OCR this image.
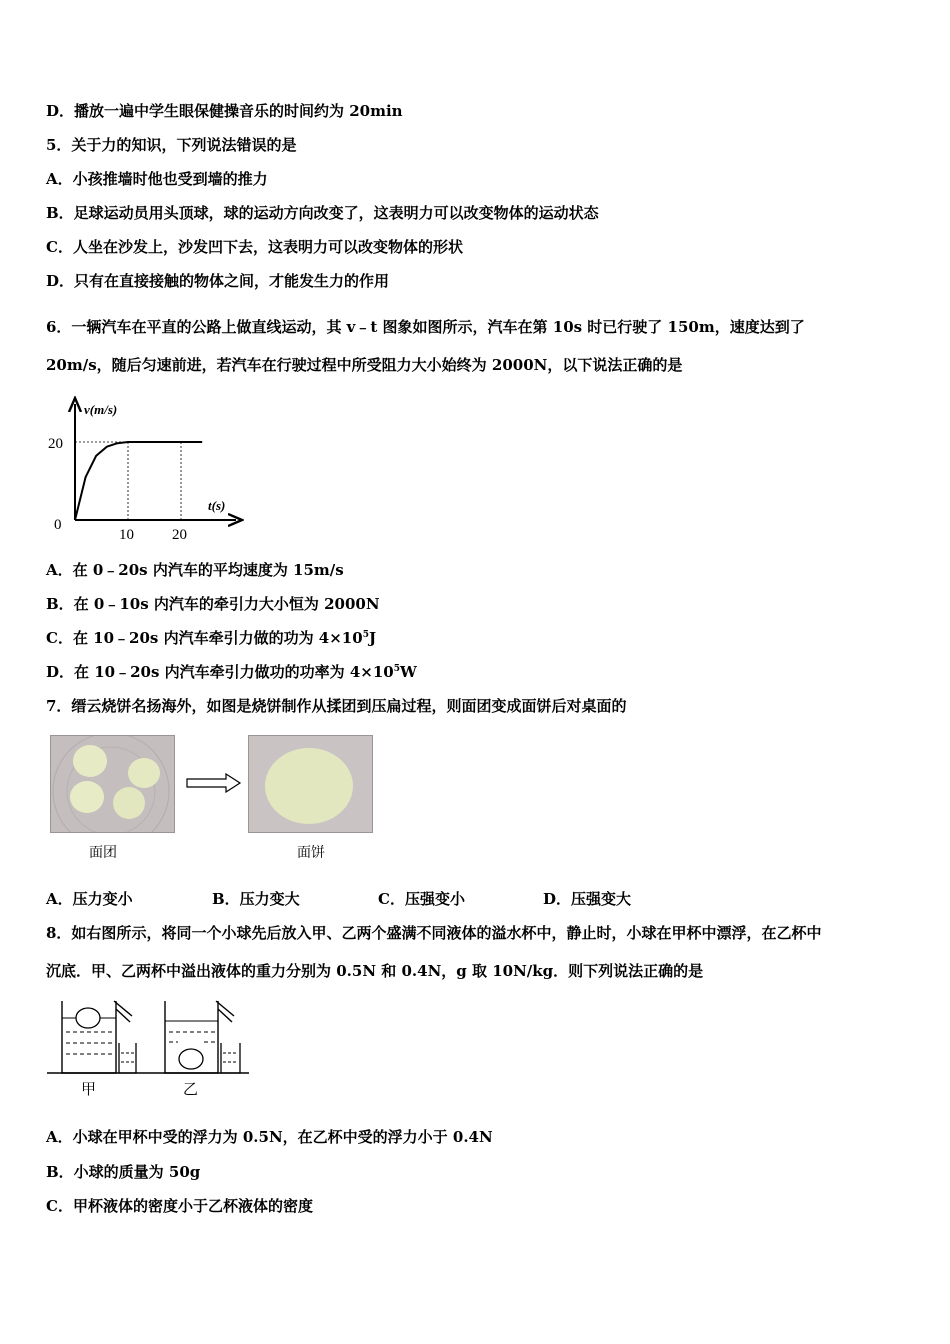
D．播放一遍中学生眼保健操音乐的时间约为 20min
5．关于力的知识，下列说法错误的是
A．小孩推墙时他也受到墙的推力
B．足球运动员用头顶球，球的运动方向改变了，这表明力可以改变物体的运动状态
C．人坐在沙发上，沙发凹下去，这表明力可以改变物体的形状
D．只有在直接接触的物体之间，才能发生力的作用
6．一辆汽车在平直的公路上做直线运动，其 v﹣t 图象如图所示，汽车在第 10s 时已行驶了 150m，速度达到了
20m/s，随后匀速前进，若汽车在行驶过程中所受阻力大小始终为 2000N，以下说法正确的是
v(m/s)
t(s)
0
10	20
20
A．在 0﹣20s 内汽车的平均速度为 15m/s
B．在 0﹣10s 内汽车的牵引力大小恒为 2000N
C．在 10﹣20s 内汽车牵引力做的功为 $4\times 10^5J$
D．在 10﹣20s 内汽车牵引力做功的功率为 $4\times 10^5W$
7．缙云烧饼名扬海外，如图是烧饼制作从揉团到压扁过程，则面团变成面饼后对桌面的
面团	面饼
A．压力变小	B．压力变大	C．压强变小	D．压强变大
8．如右图所示，将同一个小球先后放入甲、乙两个盛满不同液体的溢水杯中，静止时，小球在甲杯中漂浮，在乙杯中
沉底．甲、乙两杯中溢出液体的重力分别为 0.5N 和 0.4N，g 取 10N/kg．则下列说法正确的是
甲	乙
A．小球在甲杯中受的浮力为 0.5N，在乙杯中受的浮力小于 0.4N
B．小球的质量为 50g
C．甲杯液体的密度小于乙杯液体的密度
